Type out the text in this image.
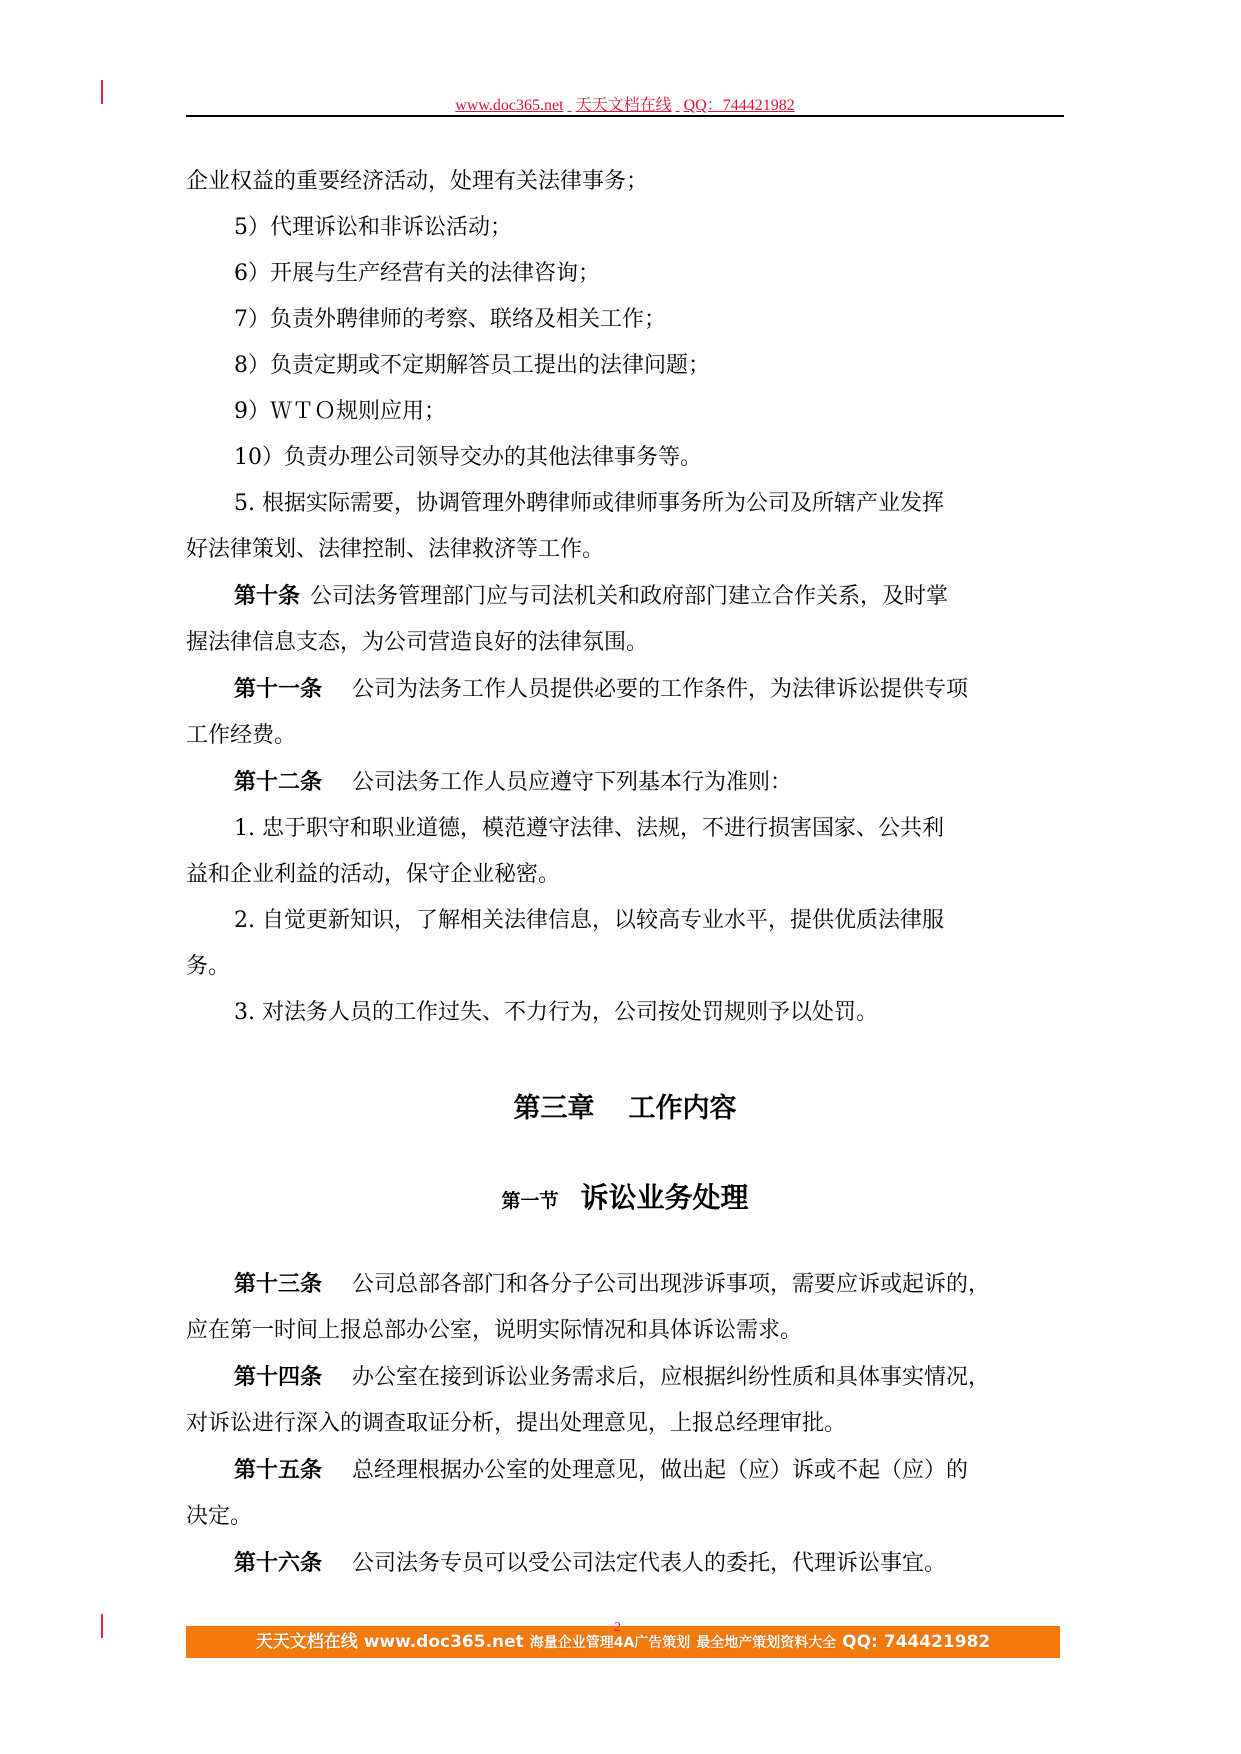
www.doc365.net 天天文档在线 QQ：744421982
企业权益的重要经济活动，处理有关法律事务；
5）代理诉讼和非诉讼活动；
6）开展与生产经营有关的法律咨询；
7）负责外聘律师的考察、联络及相关工作；
8）负责定期或不定期解答员工提出的法律问题；
9）ＷＴＯ规则应用；
10）负责办理公司领导交办的其他法律事务等。
5. 根据实际需要，协调管理外聘律师或律师事务所为公司及所辖产业发挥
好法律策划、法律控制、法律救济等工作。
第十条 公司法务管理部门应与司法机关和政府部门建立合作关系，及时掌
握法律信息支态，为公司营造良好的法律氛围。
第十一条 公司为法务工作人员提供必要的工作条件，为法律诉讼提供专项
工作经费。
第十二条 公司法务工作人员应遵守下列基本行为准则：
1. 忠于职守和职业道德，模范遵守法律、法规，不进行损害国家、公共利
益和企业利益的活动，保守企业秘密。
2. 自觉更新知识，了解相关法律信息，以较高专业水平，提供优质法律服
务。
3. 对法务人员的工作过失、不力行为，公司按处罚规则予以处罚。
第三章 工作内容
第一节 诉讼业务处理
第十三条 公司总部各部门和各分子公司出现涉诉事项，需要应诉或起诉的，
应在第一时间上报总部办公室，说明实际情况和具体诉讼需求。
第十四条 办公室在接到诉讼业务需求后，应根据纠纷性质和具体事实情况，
对诉讼进行深入的调查取证分析，提出处理意见，上报总经理审批。
第十五条 总经理根据办公室的处理意见，做出起（应）诉或不起（应）的
决定。
第十六条 公司法务专员可以受公司法定代表人的委托，代理诉讼事宜。
天天文档在线 www.doc365.net 海量企业管理4A广告策划 最全地产策划资料大全 QQ: 744421982
2
